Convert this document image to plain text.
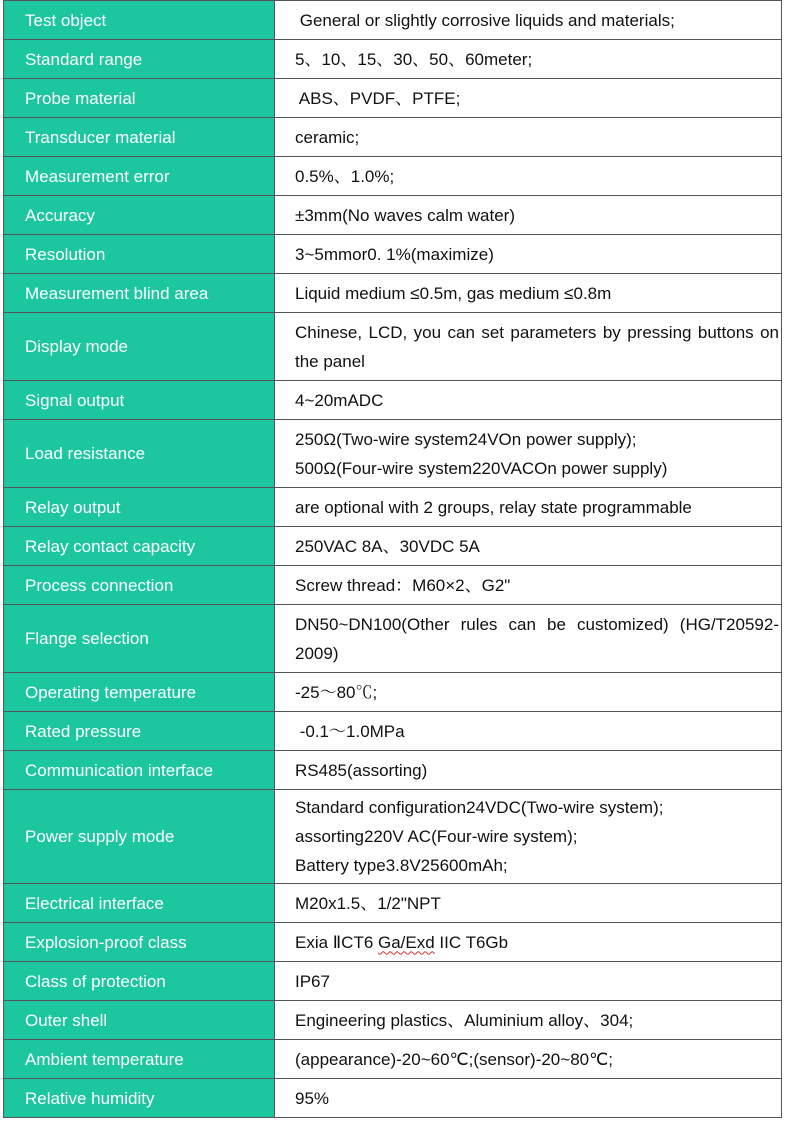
Test object	General or slightly corrosive liquids and materials;
Standard range	5、10、15、30、50、60meter;
Probe material	ABS、PVDF、PTFE;
Transducer material	ceramic;
Measurement error	0.5%、1.0%;
Accuracy	±3mm(No waves calm water)
Resolution	3~5mmor0. 1%(maximize)
Measurement blind area	Liquid medium ≤0.5m, gas medium ≤0.8m
Display mode	Chinese, LCD, you can set parameters by pressing buttons on the panel
Signal output	4~20mADC
Load resistance	250Ω(Two-wire system24VOn power supply);
500Ω(Four-wire system220VACOn power supply)

Relay output	are optional with 2 groups, relay state programmable
Relay contact capacity	250VAC 8A、30VDC 5A
Process connection	Screw thread：M60×2、G2"
Flange selection	DN50~DN100(Other rules can be customized) (HG/T20592-2009)
Operating temperature	-25～80℃;
Rated pressure	-0.1～1.0MPa
Communication interface	RS485(assorting)
Power supply mode	Standard configuration24VDC(Two-wire system);
assorting220V AC(Four-wire system);
Battery type3.8V25600mAh;

Electrical interface	M20x1.5、1/2"NPT
Explosion-proof class	Exia ⅡCT6 Ga/Exd IIC T6Gb
Class of protection	IP67
Outer shell	Engineering plastics、Aluminium alloy、304;
Ambient temperature	(appearance)-20~60℃;(sensor)-20~80℃;
Relative humidity	95%
